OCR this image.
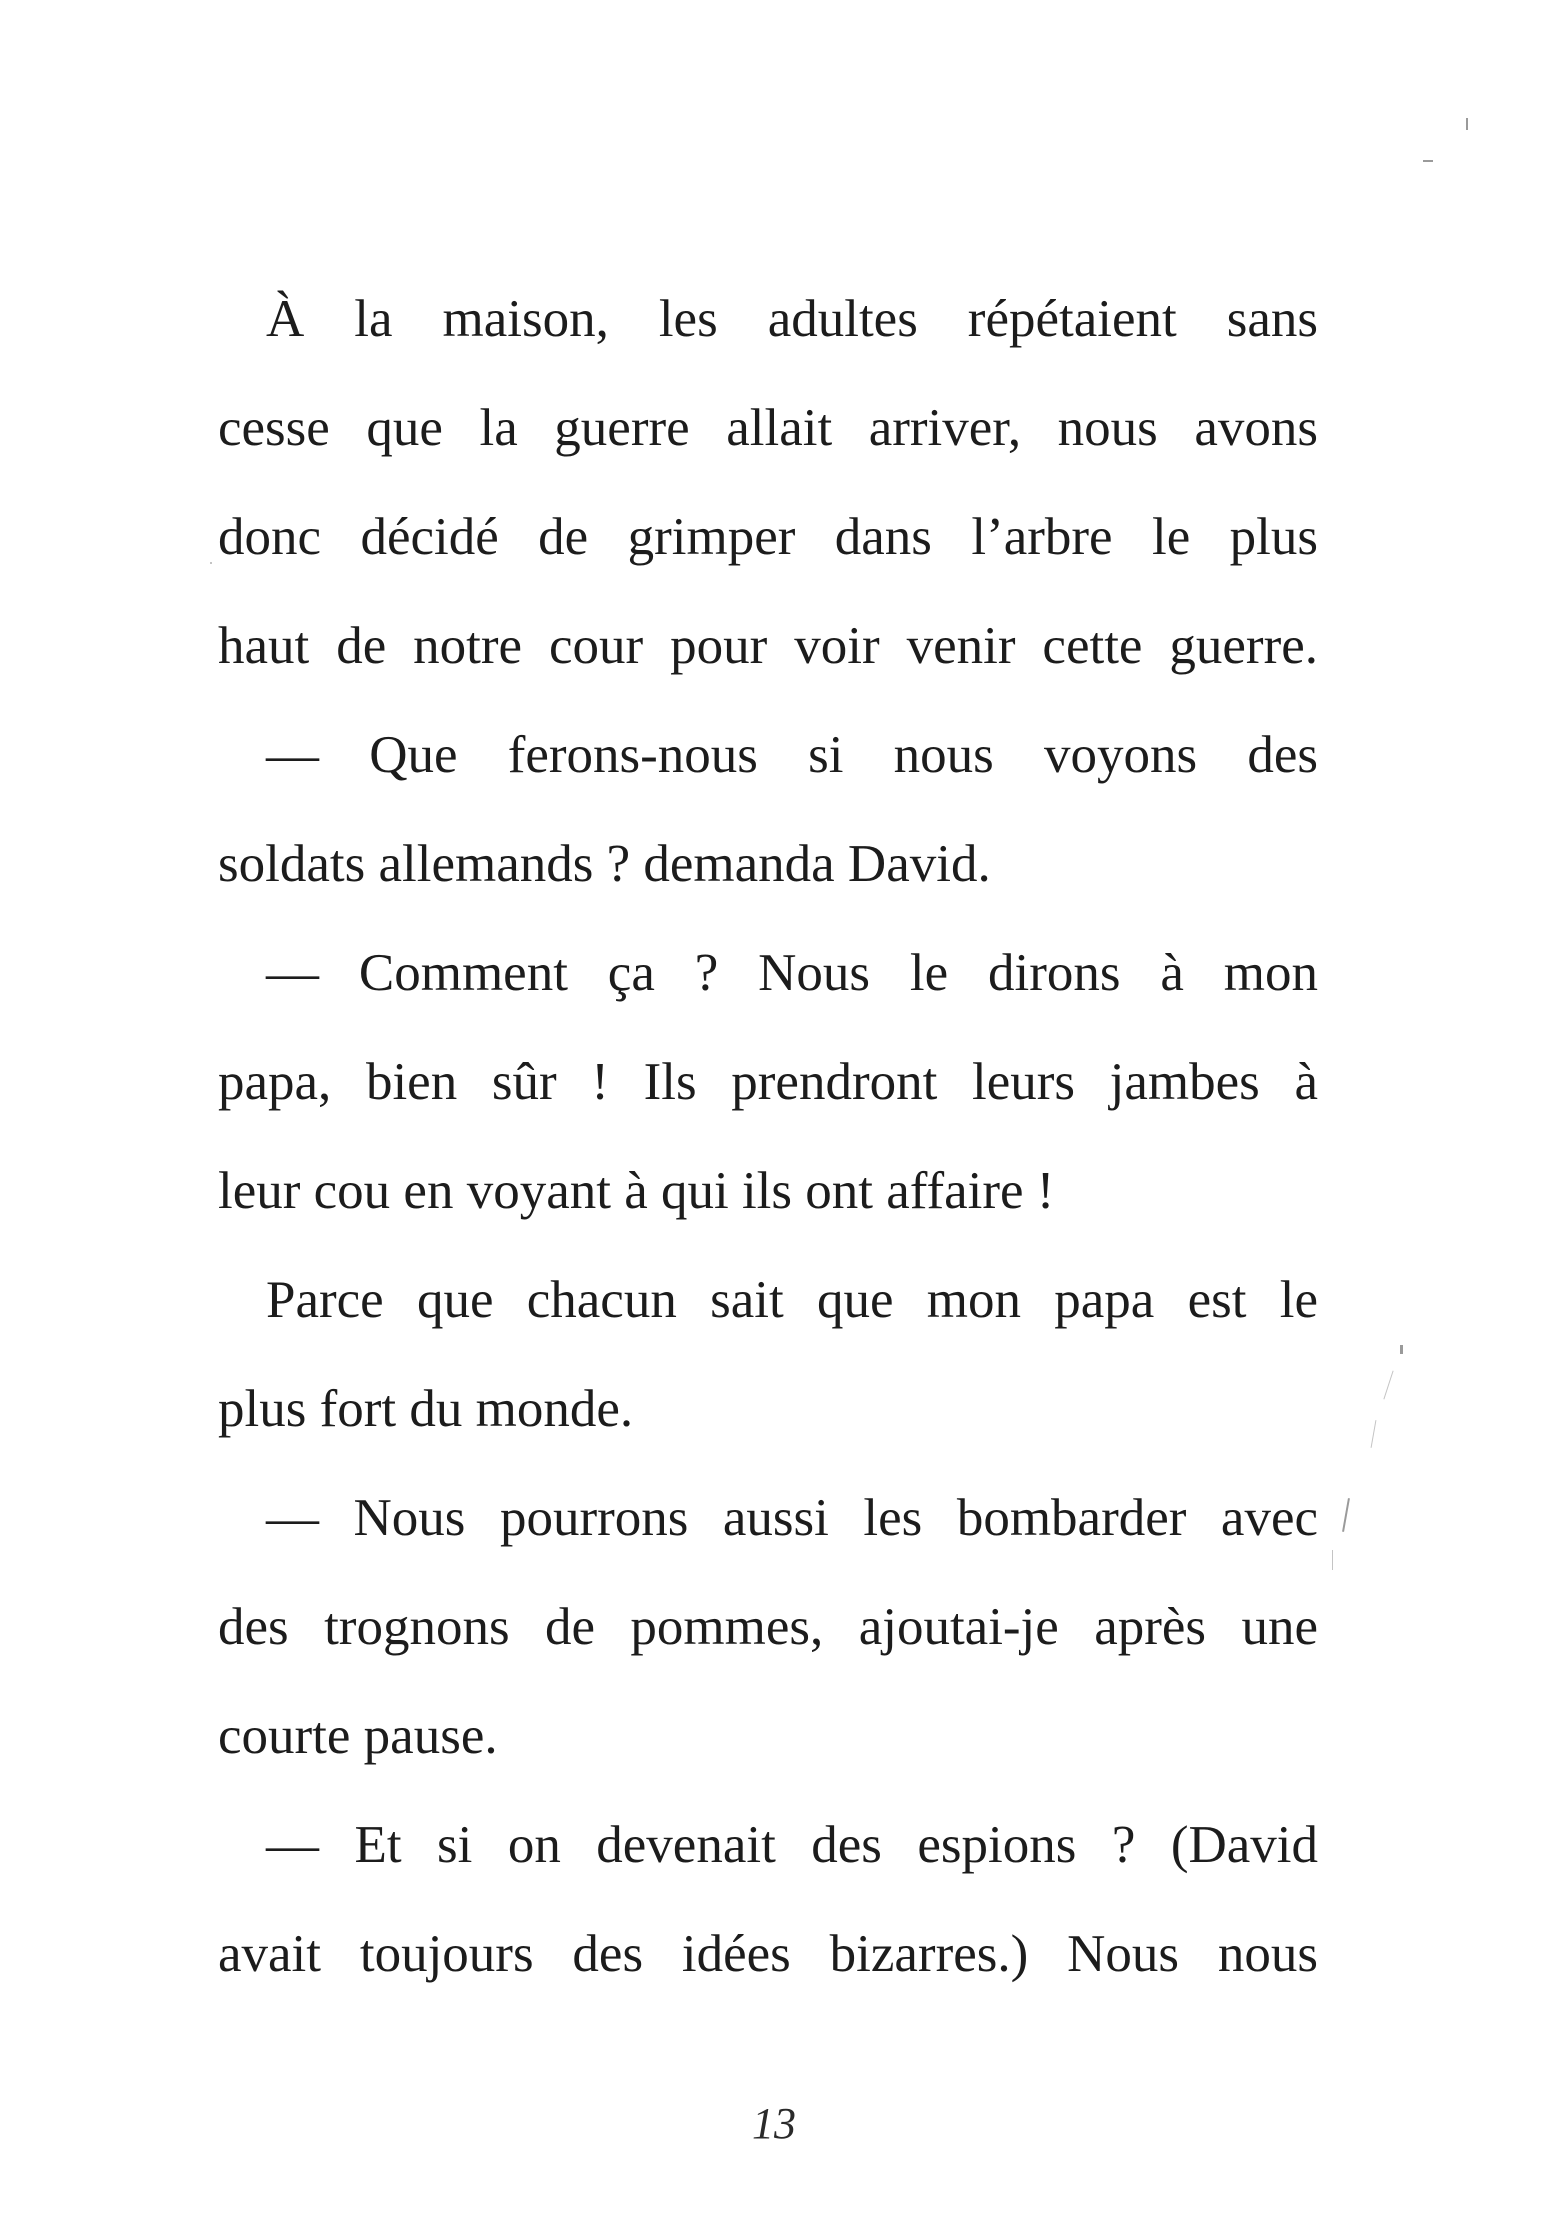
À la maison, les adultes répétaient sans
cesse que la guerre allait arriver, nous avons
donc décidé de grimper dans l’arbre le plus
haut de notre cour pour voir venir cette guerre.
— Que ferons-nous si nous voyons des
soldats allemands ? demanda David.
— Comment ça ? Nous le dirons à mon
papa, bien sûr ! Ils prendront leurs jambes à
leur cou en voyant à qui ils ont affaire !
Parce que chacun sait que mon papa est le
plus fort du monde.
— Nous pourrons aussi les bombarder avec
des trognons de pommes, ajoutai-je après une
courte pause.
— Et si on devenait des espions ? (David
avait toujours des idées bizarres.) Nous nous
13
